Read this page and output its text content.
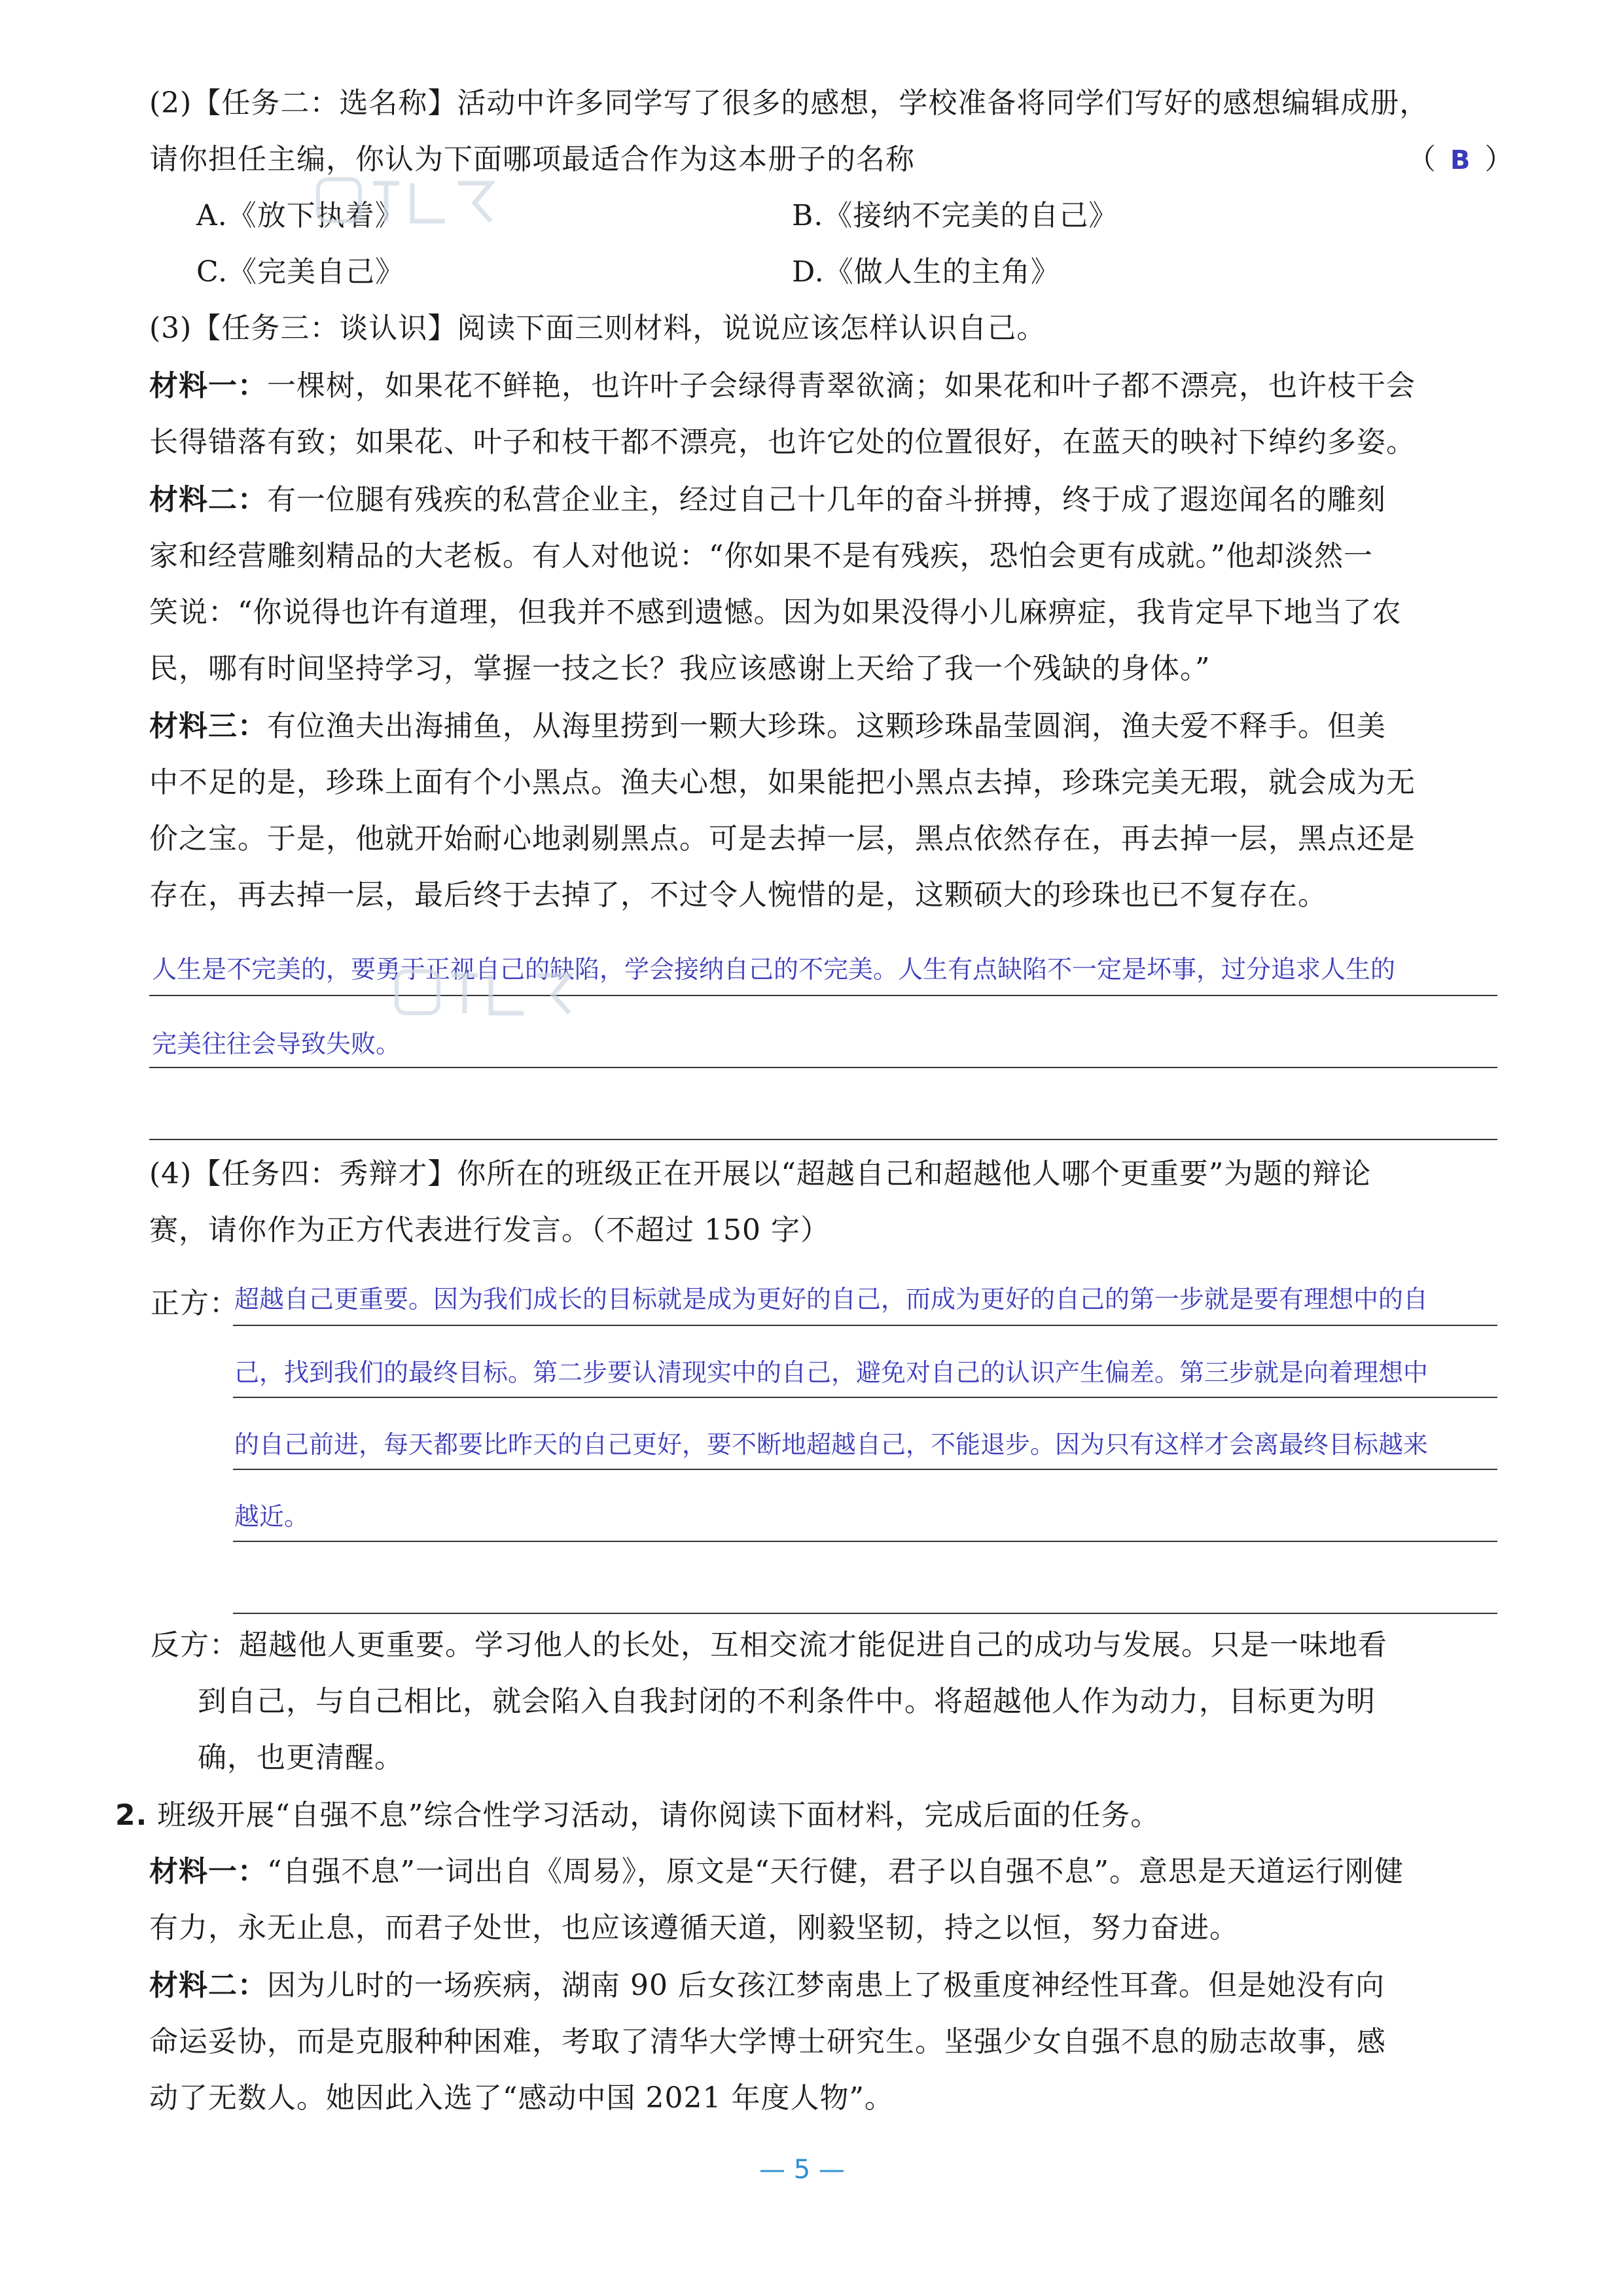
(2)【任务二：选名称】活动中许多同学写了很多的感想，学校准备将同学们写好的感想编辑成册，
请你担任主编，你认为下面哪项最适合作为这本册子的名称	（ B ）
A.《放下执着》	B.《接纳不完美的自己》
C.《完美自己》	D.《做人生的主角》
(3)【任务三：谈认识】阅读下面三则材料，说说应该怎样认识自己。
材料一：一棵树，如果花不鲜艳，也许叶子会绿得青翠欲滴；如果花和叶子都不漂亮，也许枝干会
长得错落有致；如果花、叶子和枝干都不漂亮，也许它处的位置很好，在蓝天的映衬下绰约多姿。
材料二：有一位腿有残疾的私营企业主，经过自己十几年的奋斗拼搏，终于成了遐迩闻名的雕刻
家和经营雕刻精品的大老板。有人对他说：“你如果不是有残疾，恐怕会更有成就。”他却淡然一
笑说：“你说得也许有道理，但我并不感到遗憾。因为如果没得小儿麻痹症，我肯定早下地当了农
民，哪有时间坚持学习，掌握一技之长？我应该感谢上天给了我一个残缺的身体。”
材料三：有位渔夫出海捕鱼，从海里捞到一颗大珍珠。这颗珍珠晶莹圆润，渔夫爱不释手。但美
中不足的是，珍珠上面有个小黑点。渔夫心想，如果能把小黑点去掉，珍珠完美无瑕，就会成为无
价之宝。于是，他就开始耐心地剥剔黑点。可是去掉一层，黑点依然存在，再去掉一层，黑点还是
存在，再去掉一层，最后终于去掉了，不过令人惋惜的是，这颗硕大的珍珠也已不复存在。
人生是不完美的，要勇于正视自己的缺陷，学会接纳自己的不完美。人生有点缺陷不一定是坏事，过分追求人生的
完美往往会导致失败。
(4)【任务四：秀辩才】你所在的班级正在开展以“超越自己和超越他人哪个更重要”为题的辩论
赛，请你作为正方代表进行发言。（不超过 150 字）
正方：
超越自己更重要。因为我们成长的目标就是成为更好的自己，而成为更好的自己的第一步就是要有理想中的自
己，找到我们的最终目标。第二步要认清现实中的自己，避免对自己的认识产生偏差。第三步就是向着理想中
的自己前进，每天都要比昨天的自己更好，要不断地超越自己，不能退步。因为只有这样才会离最终目标越来
越近。
反方：超越他人更重要。学习他人的长处，互相交流才能促进自己的成功与发展。只是一味地看
到自己，与自己相比，就会陷入自我封闭的不利条件中。将超越他人作为动力，目标更为明
确，也更清醒。
2. 班级开展“自强不息”综合性学习活动，请你阅读下面材料，完成后面的任务。
材料一：“自强不息”一词出自《周易》，原文是“天行健，君子以自强不息”。意思是天道运行刚健
有力，永无止息，而君子处世，也应该遵循天道，刚毅坚韧，持之以恒，努力奋进。
材料二：因为儿时的一场疾病，湖南 90 后女孩江梦南患上了极重度神经性耳聋。但是她没有向
命运妥协，而是克服种种困难，考取了清华大学博士研究生。坚强少女自强不息的励志故事，感
动了无数人。她因此入选了“感动中国 2021 年度人物”。
— 5 —
